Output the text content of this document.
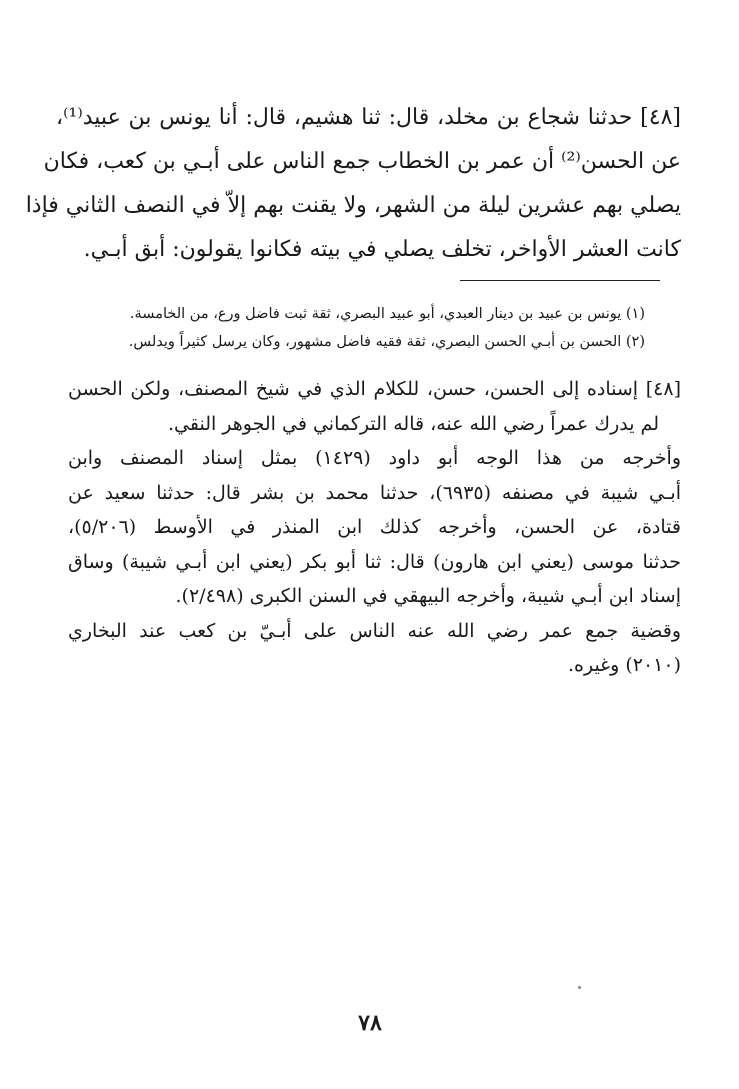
[٤٨] حدثنا شجاع بن مخلد، قال: ثنا هشيم، قال: أنا يونس بن عبيد⁽¹⁾،
عن الحسن⁽²⁾ أن عمر بن الخطاب جمع الناس على أبـي بن كعب، فكان
يصلي بهم عشرين ليلة من الشهر، ولا يقنت بهم إلاّ في النصف الثاني فإذا
كانت العشر الأواخر، تخلف يصلي في بيته فكانوا يقولون: أبق أبـي.
(١) يونس بن عبيد بن دينار العبدي، أبو عبيد البصري، ثقة ثبت فاضل ورع، من الخامسة.
(٢) الحسن بن أبـي الحسن البصري، ثقة فقيه فاضل مشهور، وكان يرسل كثيراً ويدلس.
[٤٨] إسناده إلى الحسن، حسن، للكلام الذي في شيخ المصنف، ولكن الحسن
لم يدرك عمراً رضي الله عنه، قاله التركماني في الجوهر النقي.
وأخرجه من هذا الوجه أبو داود (١٤٢٩) بمثل إسناد المصنف وابن
أبـي شيبة في مصنفه (٦٩٣٥)، حدثنا محمد بن بشر قال: حدثنا سعيد عن
قتادة، عن الحسن، وأخرجه كذلك ابن المنذر في الأوسط (٥/٢٠٦)،
حدثنا موسى (يعني ابن هارون) قال: ثنا أبو بكر (يعني ابن أبـي شيبة) وساق
إسناد ابن أبـي شيبة، وأخرجه البيهقي في السنن الكبرى (٢/٤٩٨).
وقضية جمع عمر رضي الله عنه الناس على أبـيّ بن كعب عند البخاري
(٢٠١٠) وغيره.
٧٨
